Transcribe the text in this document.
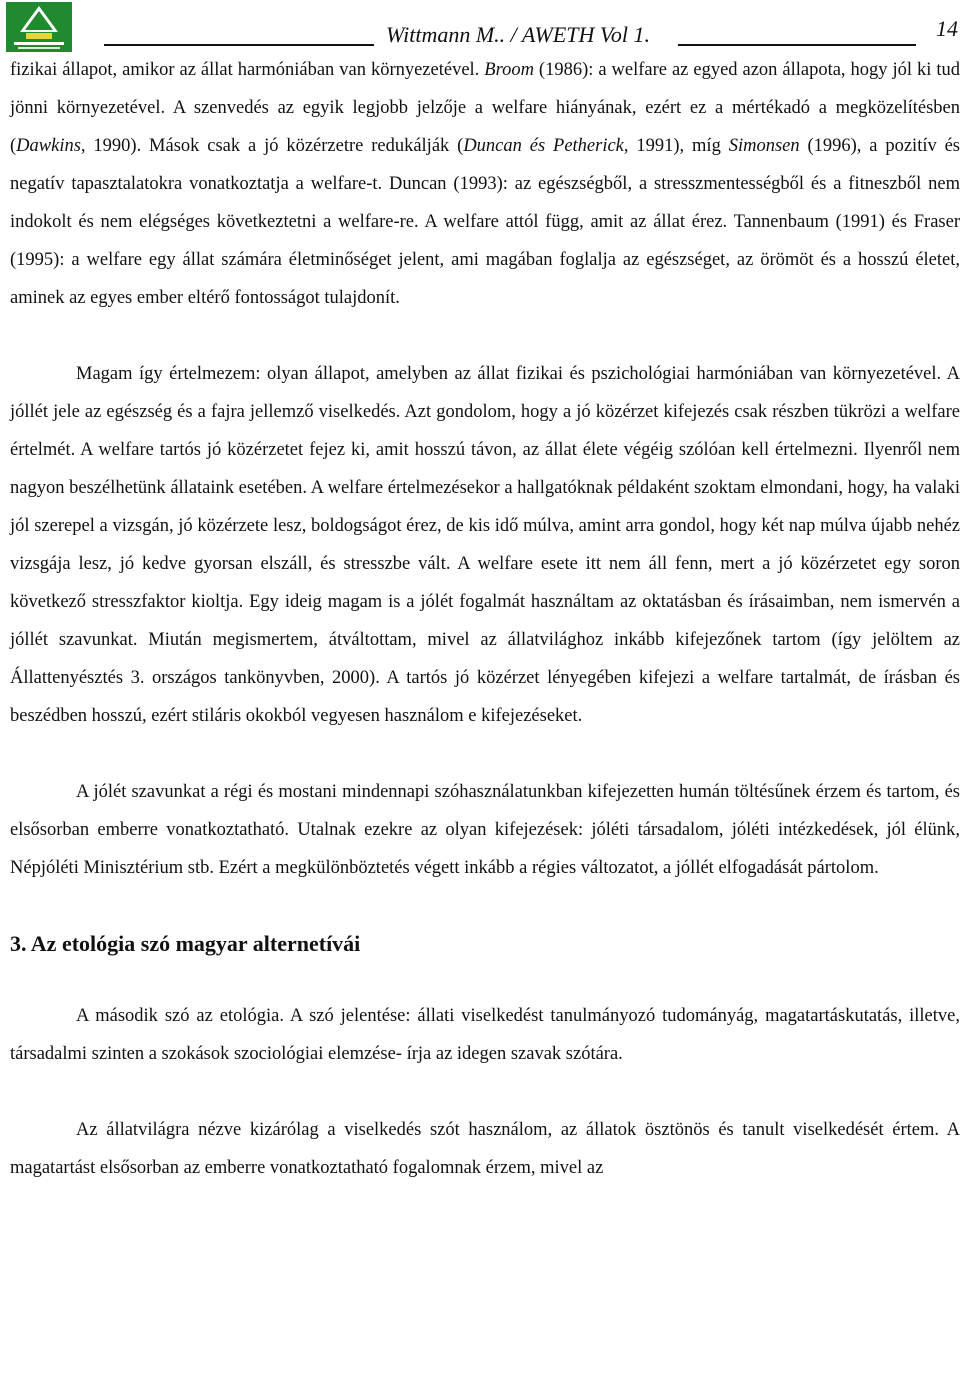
Wittmann M.. / AWETH Vol 1.	14

fizikai állapot, amikor az állat harmóniában van környezetével. Broom (1986): a welfare az egyed azon állapota, hogy jól ki tud jönni környezetével. A szenvedés az egyik legjobb jelzője a welfare hiányának, ezért ez a mértékadó a megközelítésben (Dawkins, 1990). Mások csak a jó közérzetre redukálják (Duncan és Petherick, 1991), míg Simonsen (1996), a pozitív és negatív tapasztalatokra vonatkoztatja a welfare-t. Duncan (1993): az egészségből, a stresszmentességből és a fitneszből nem indokolt és nem elégséges következtetni a welfare-re. A welfare attól függ, amit az állat érez. Tannenbaum (1991) és Fraser (1995): a welfare egy állat számára életminőséget jelent, ami magában foglalja az egészséget, az örömöt és a hosszú életet, aminek az egyes ember eltérő fontosságot tulajdonít.

Magam így értelmezem: olyan állapot, amelyben az állat fizikai és pszichológiai harmóniában van környezetével. A jóllét jele az egészség és a fajra jellemző viselkedés. Azt gondolom, hogy a jó közérzet kifejezés csak részben tükrözi a welfare értelmét. A welfare tartós jó közérzetet fejez ki, amit hosszú távon, az állat élete végéig szólóan kell értelmezni. Ilyenről nem nagyon beszélhetünk állataink esetében. A welfare értelmezésekor a hallgatóknak példaként szoktam elmondani, hogy, ha valaki jól szerepel a vizsgán, jó közérzete lesz, boldogságot érez, de kis idő múlva, amint arra gondol, hogy két nap múlva újabb nehéz vizsgája lesz, jó kedve gyorsan elszáll, és stresszbe vált. A welfare esete itt nem áll fenn, mert a jó közérzetet egy soron következő stresszfaktor kioltja. Egy ideig magam is a jólét fogalmát használtam az oktatásban és írásaimban, nem ismervén a jóllét szavunkat. Miután megismertem, átváltottam, mivel az állatvilághoz inkább kifejezőnek tartom (így jelöltem az Állattenyésztés 3. országos tankönyvben, 2000). A tartós jó közérzet lényegében kifejezi a welfare tartalmát, de írásban és beszédben hosszú, ezért stiláris okokból vegyesen használom e kifejezéseket.

A jólét szavunkat a régi és mostani mindennapi szóhasználatunkban kifejezetten humán töltésűnek érzem és tartom, és elsősorban emberre vonatkoztatható. Utalnak ezekre az olyan kifejezések: jóléti társadalom, jóléti intézkedések, jól élünk, Népjóléti Minisztérium stb. Ezért a megkülönböztetés végett inkább a régies változatot, a jóllét elfogadását pártolom.

3. Az etológia szó magyar alternetívái

A második szó az etológia. A szó jelentése: állati viselkedést tanulmányozó tudományág, magatartáskutatás, illetve, társadalmi szinten a szokások szociológiai elemzése- írja az idegen szavak szótára.

Az állatvilágra nézve kizárólag a viselkedés szót használom, az állatok ösztönös és tanult viselkedését értem. A magatartást elsősorban az emberre vonatkoztatható fogalomnak érzem, mivel az
